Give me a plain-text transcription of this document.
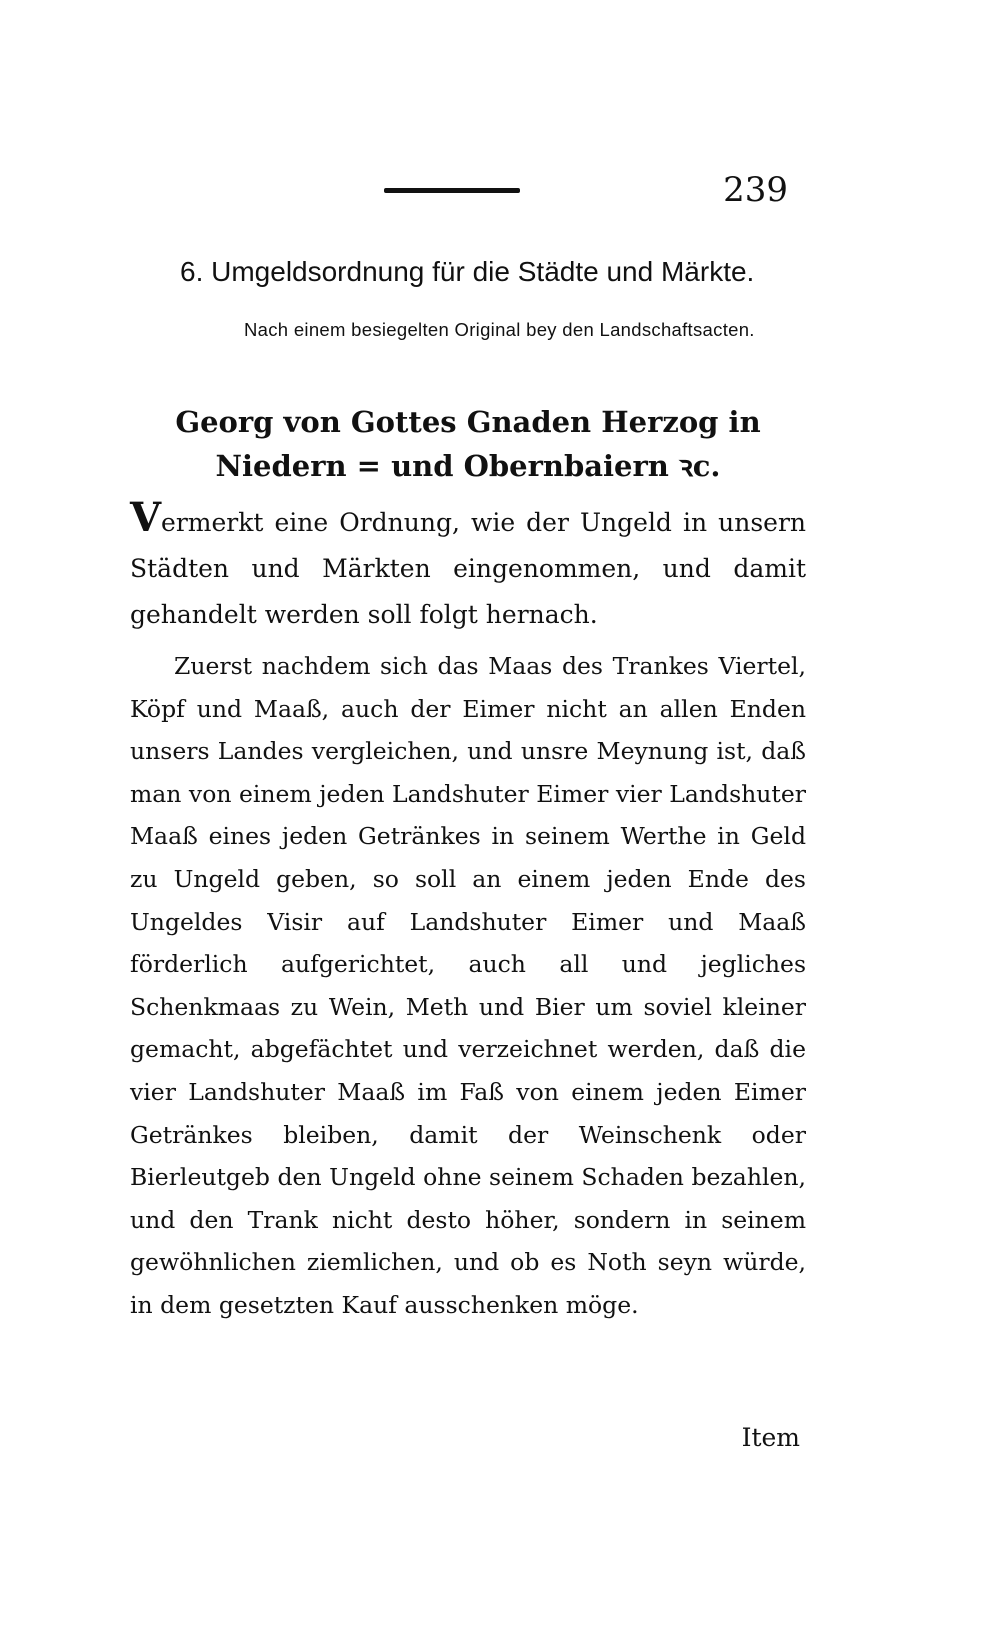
239
6. Umgeldsordnung für die Städte und Märkte.
Nach einem besiegelten Original bey den Landschaftsacten.
Georg von Gottes Gnaden Herzog in Niedern = und Obernbaiern ꝛc.
Vermerkt eine Ordnung, wie der Ungeld in unsern Städten und Märkten eingenommen, und damit gehandelt werden soll folgt hernach.
Zuerst nachdem sich das Maas des Trankes Viertel, Köpf und Maaß, auch der Eimer nicht an allen Enden unsers Landes vergleichen, und unsre Meynung ist, daß man von einem jeden Landshuter Eimer vier Landshuter Maaß eines jeden Getränkes in seinem Werthe in Geld zu Ungeld geben, so soll an einem jeden Ende des Ungeldes Visir auf Landshuter Eimer und Maaß förderlich aufgerichtet, auch all und jegliches Schenkmaas zu Wein, Meth und Bier um soviel kleiner gemacht, abgefächtet und verzeichnet werden, daß die vier Landshuter Maaß im Faß von einem jeden Eimer Getränkes bleiben, damit der Weinschenk oder Bierleutgeb den Ungeld ohne seinem Schaden bezahlen, und den Trank nicht desto höher, sondern in seinem gewöhnlichen ziemlichen, und ob es Noth seyn würde, in dem gesetzten Kauf ausschenken möge.
Item
